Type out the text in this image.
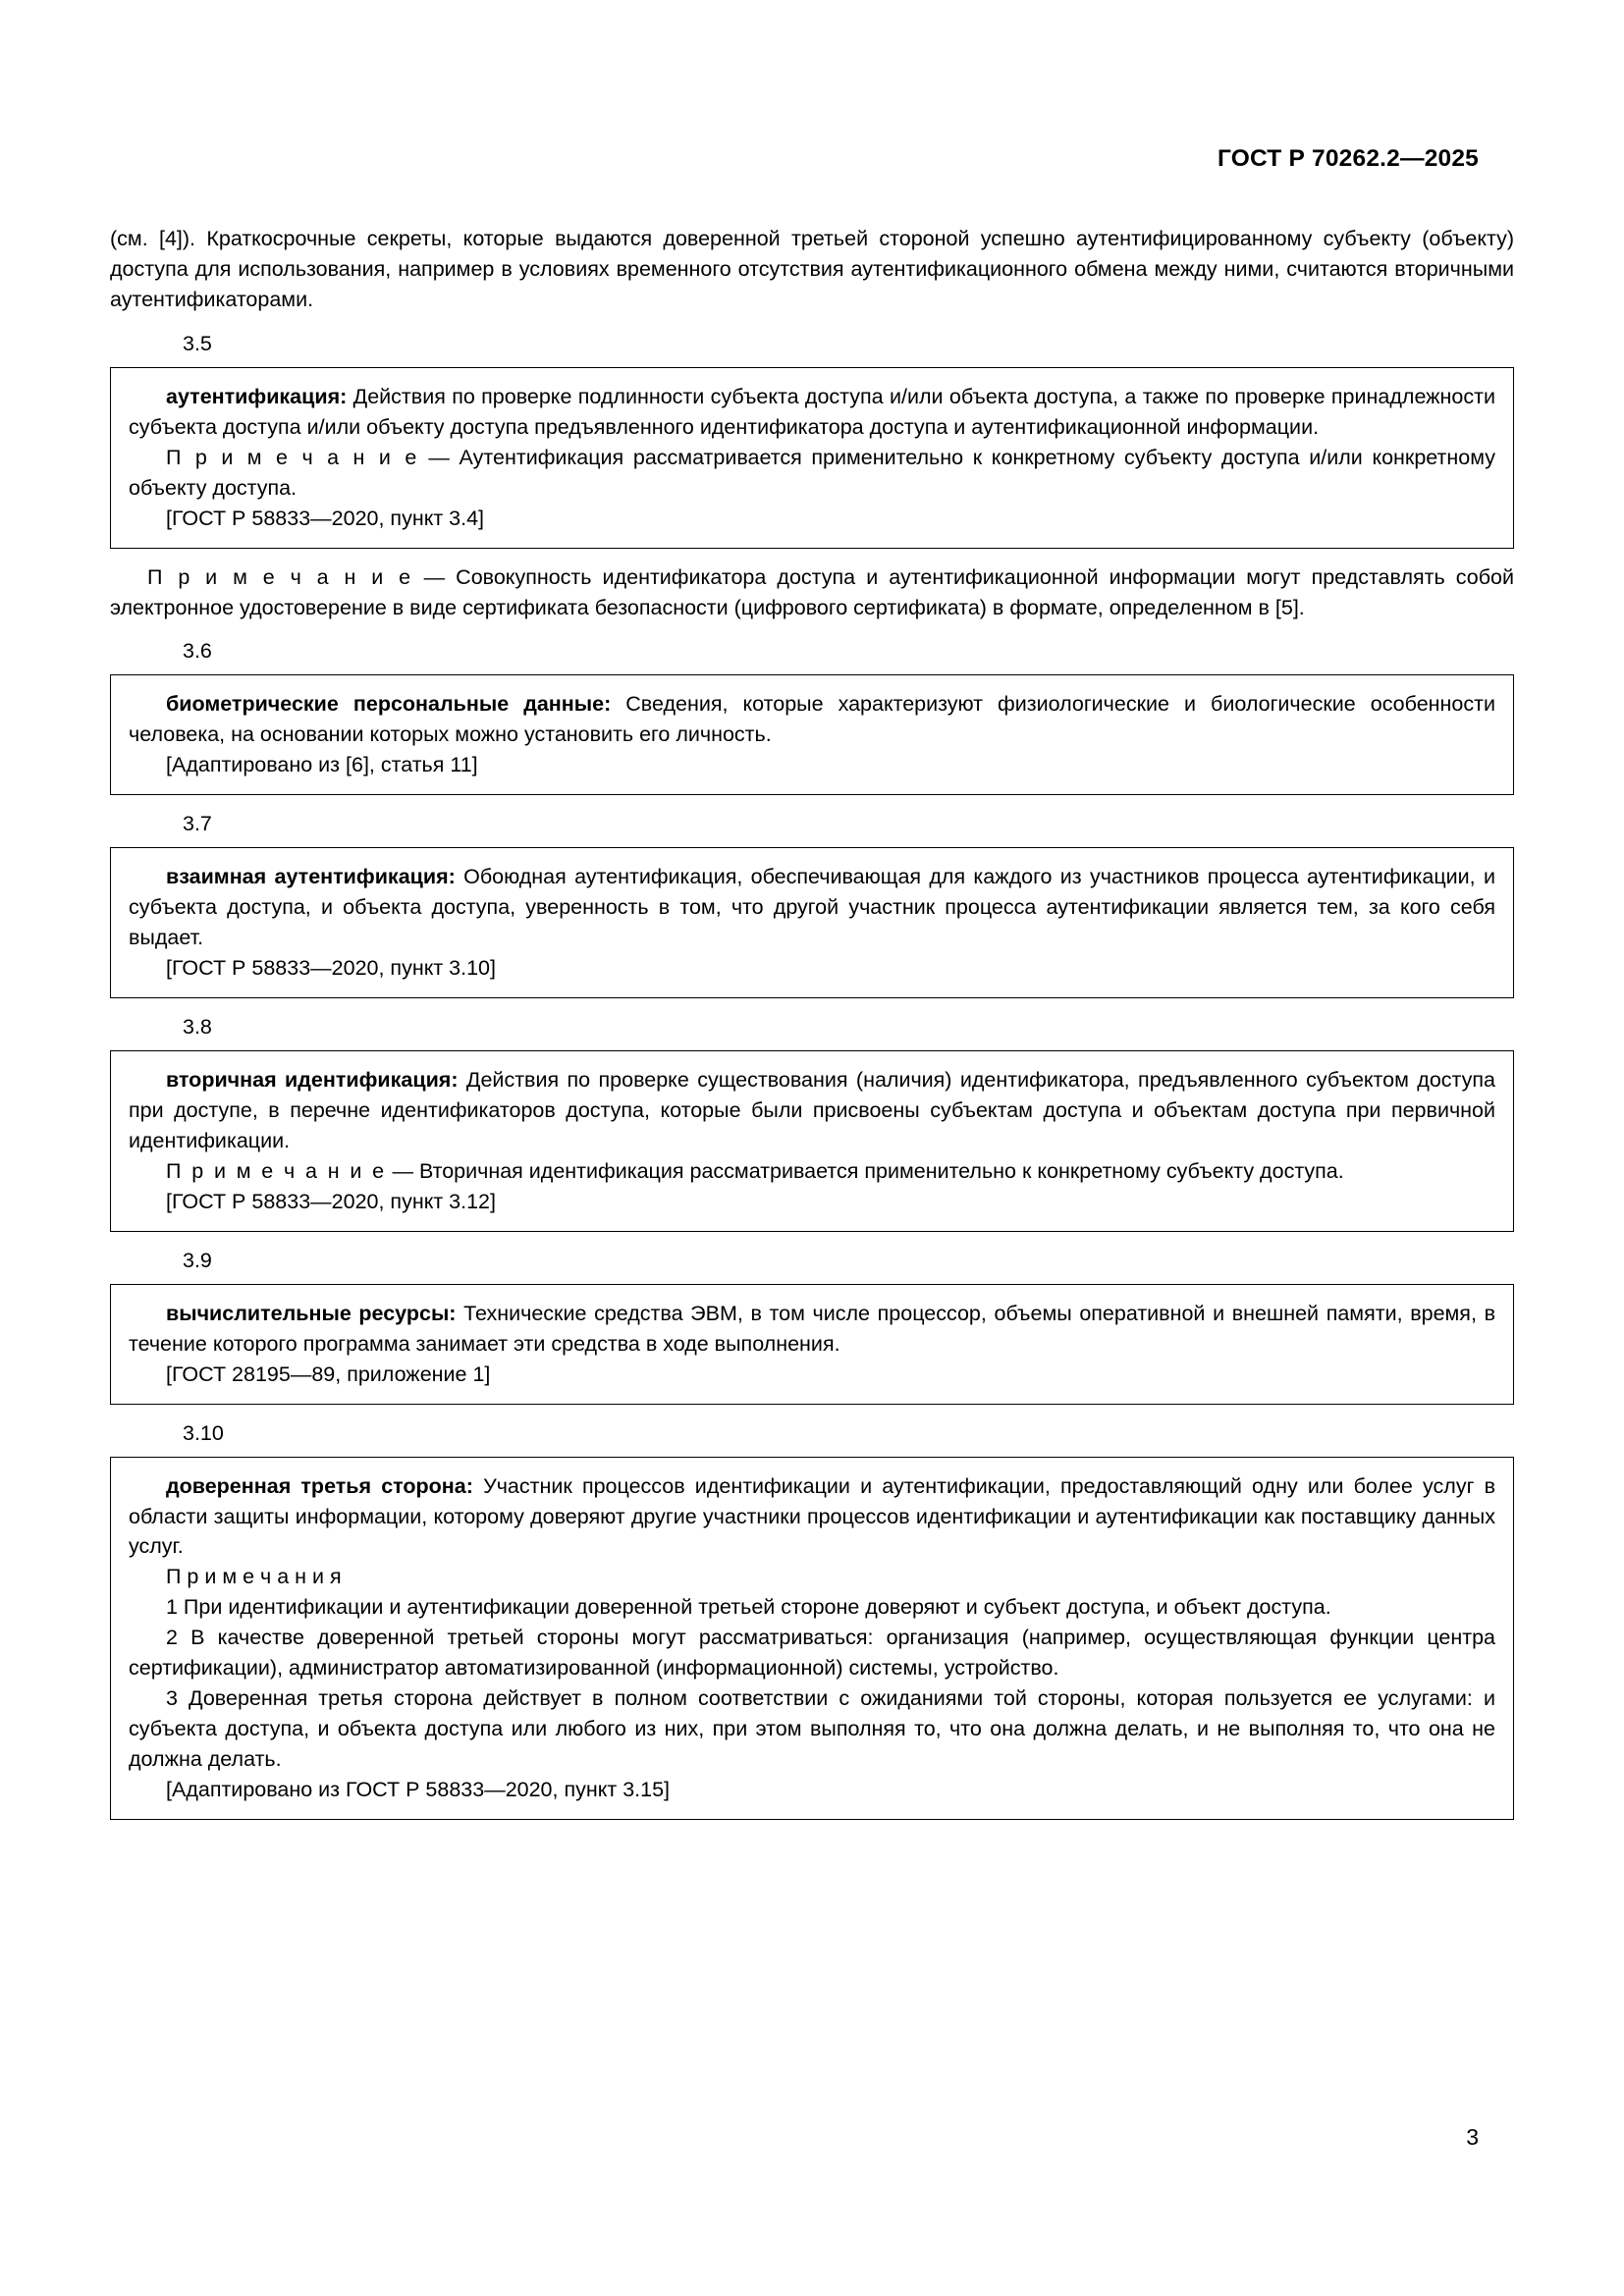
ГОСТ Р 70262.2—2025

(см. [4]). Краткосрочные секреты, которые выдаются доверенной третьей стороной успешно аутентифицированному субъекту (объекту) доступа для использования, например в условиях временного отсутствия аутентификационного обмена между ними, считаются вторичными аутентификаторами.

3.5

аутентификация: Действия по проверке подлинности субъекта доступа и/или объекта доступа, а также по проверке принадлежности субъекта доступа и/или объекту доступа предъявленного идентификатора доступа и аутентификационной информации.

П р и м е ч а н и е — Аутентификация рассматривается применительно к конкретному субъекту доступа и/или конкретному объекту доступа.

[ГОСТ Р 58833—2020, пункт 3.4]

П р и м е ч а н и е — Совокупность идентификатора доступа и аутентификационной информации могут представлять собой электронное удостоверение в виде сертификата безопасности (цифрового сертификата) в формате, определенном в [5].

3.6

биометрические персональные данные: Сведения, которые характеризуют физиологические и биологические особенности человека, на основании которых можно установить его личность.

[Адаптировано из [6], статья 11]

3.7

взаимная аутентификация: Обоюдная аутентификация, обеспечивающая для каждого из участников процесса аутентификации, и субъекта доступа, и объекта доступа, уверенность в том, что другой участник процесса аутентификации является тем, за кого себя выдает.

[ГОСТ Р 58833—2020, пункт 3.10]

3.8

вторичная идентификация: Действия по проверке существования (наличия) идентификатора, предъявленного субъектом доступа при доступе, в перечне идентификаторов доступа, которые были присвоены субъектам доступа и объектам доступа при первичной идентификации.

П р и м е ч а н и е — Вторичная идентификация рассматривается применительно к конкретному субъекту доступа.

[ГОСТ Р 58833—2020, пункт 3.12]

3.9

вычислительные ресурсы: Технические средства ЭВМ, в том числе процессор, объемы оперативной и внешней памяти, время, в течение которого программа занимает эти средства в ходе выполнения.

[ГОСТ 28195—89, приложение 1]

3.10

доверенная третья сторона: Участник процессов идентификации и аутентификации, предоставляющий одну или более услуг в области защиты информации, которому доверяют другие участники процессов идентификации и аутентификации как поставщику данных услуг.

П р и м е ч а н и я

1 При идентификации и аутентификации доверенной третьей стороне доверяют и субъект доступа, и объект доступа.

2 В качестве доверенной третьей стороны могут рассматриваться: организация (например, осуществляющая функции центра сертификации), администратор автоматизированной (информационной) системы, устройство.

3 Доверенная третья сторона действует в полном соответствии с ожиданиями той стороны, которая пользуется ее услугами: и субъекта доступа, и объекта доступа или любого из них, при этом выполняя то, что она должна делать, и не выполняя то, что она не должна делать.

[Адаптировано из ГОСТ Р 58833—2020, пункт 3.15]

3
